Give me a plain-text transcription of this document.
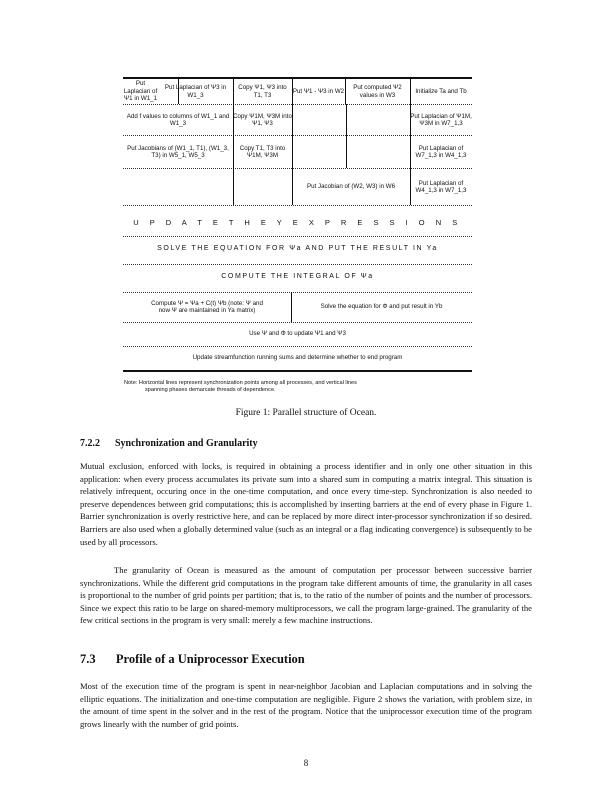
Put Laplacian of Ψ1 in W1_1
Put Laplacian of Ψ3 in W1_3
Copy Ψ1, Ψ3 into T1, T3
Put Ψ1 - Ψ3 in W2
Put computed Ψ2 values in W3
Initialize Ta and Tb
Add f values to columns of W1_1 and W1_3
Copy Ψ1M, Ψ3M into Ψ1, Ψ3
Put Laplacian of Ψ1M, Ψ3M in W7_1,3
Put Jacobians of (W1_1, T1), (W1_3, T3) in W5_1, W5_3
Copy T1, T3 into Ψ1M, Ψ3M
Put Laplacian of W7_1,3 in W4_1,3
Put Jacobian of (W2, W3) in W6
Put Laplacian of W4_1,3 in W7_1,3
U P D A T E T H E Y E X P R E S S I O N S
SOLVE THE EQUATION FOR Ψa AND PUT THE RESULT IN Ya
COMPUTE THE INTEGRAL OF Ψa
Compute Ψ = Ψa + C(t) Ψb (note: Ψ and now Ψ are maintained in Ya matrix)
Solve the equation for Φ and put result in Yb
Use Ψ and Φ to update Ψ1 and Ψ3
Update streamfunction running sums and determine whether to end program
Note: Horizontal lines represent synchronization points among all processes, and vertical lines
spanning phases demarcate threads of dependence.
Figure 1: Parallel structure of Ocean.
7.2.2 Synchronization and Granularity

Mutual exclusion, enforced with locks, is required in obtaining a process identifier and in only one other situation in this application: when every process accumulates its private sum into a shared sum in computing a matrix integral. This situation is relatively infrequent, occuring once in the one-time computation, and once every time-step. Synchronization is also needed to preserve dependences between grid computations; this is accomplished by inserting barriers at the end of every phase in Figure 1. Barrier synchronization is overly restrictive here, and can be replaced by more direct inter-processor synchronization if so desired. Barriers are also used when a globally determined value (such as an integral or a flag indicating convergence) is subsequently to be used by all processors.

The granularity of Ocean is measured as the amount of computation per processor between successive barrier synchronizations. While the different grid computations in the program take different amounts of time, the granularity in all cases is proportional to the number of grid points per partition; that is, to the ratio of the number of points and the number of processors. Since we expect this ratio to be large on shared-memory multiprocessors, we call the program large-grained. The granularity of the few critical sections in the program is very small: merely a few machine instructions.

7.3 Profile of a Uniprocessor Execution

Most of the execution time of the program is spent in near-neighbor Jacobian and Laplacian computations and in solving the elliptic equations. The initialization and one-time computation are negligible. Figure 2 shows the variation, with problem size, in the amount of time spent in the solver and in the rest of the program. Notice that the uniprocessor execution time of the program grows linearly with the number of grid points.

8
